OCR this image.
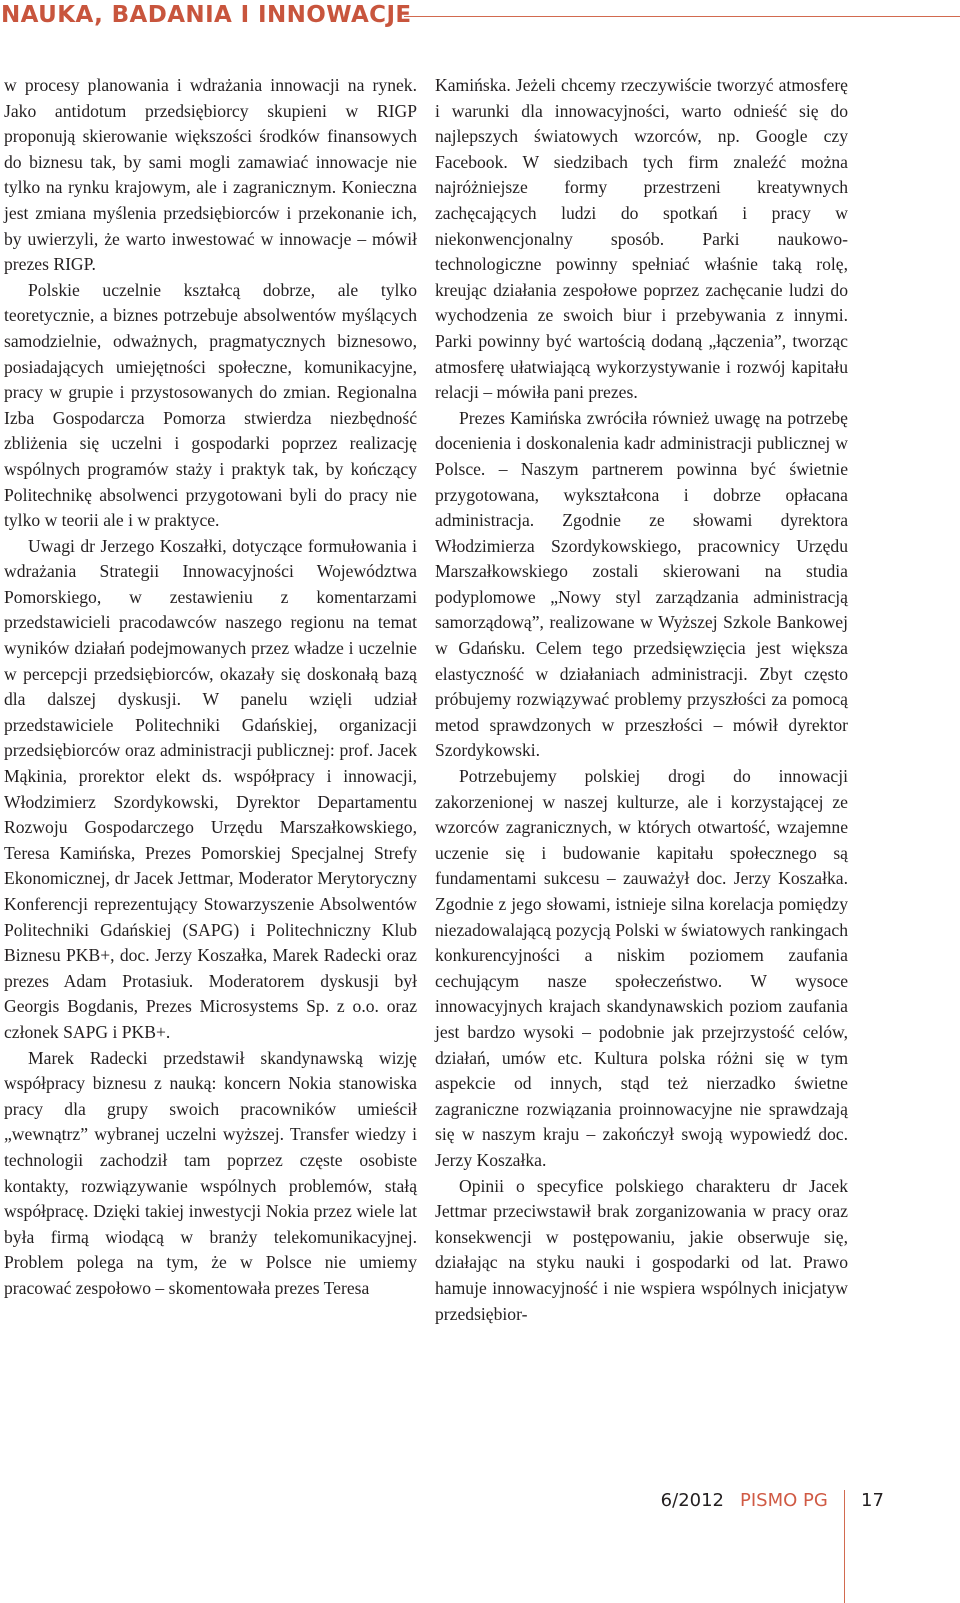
NAUKA, BADANIA I INNOWACJE

w procesy planowania i wdrażania innowacji na rynek. Jako antidotum przedsiębiorcy skupieni w RIGP proponują skierowanie większości środków finansowych do biznesu tak, by sami mogli zamawiać innowacje nie tylko na rynku krajowym, ale i zagranicznym. Konieczna jest zmiana myślenia przedsiębiorców i przekonanie ich, by uwierzyli, że warto inwestować w innowacje – mówił prezes RIGP.

Polskie uczelnie kształcą dobrze, ale tylko teoretycznie, a biznes potrzebuje absolwentów myślących samodzielnie, odważnych, pragmatycznych biznesowo, posiadających umiejętności społeczne, komunikacyjne, pracy w grupie i przystosowanych do zmian. Regionalna Izba Gospodarcza Pomorza stwierdza niezbędność zbliżenia się uczelni i gospodarki poprzez realizację wspólnych programów staży i praktyk tak, by kończący Politechnikę absolwenci przygotowani byli do pracy nie tylko w teorii ale i w praktyce.

Uwagi dr Jerzego Koszałki, dotyczące formułowania i wdrażania Strategii Innowacyjności Województwa Pomorskiego, w zestawieniu z komentarzami przedstawicieli pracodawców naszego regionu na temat wyników działań podejmowanych przez władze i uczelnie w percepcji przedsiębiorców, okazały się doskonałą bazą dla dalszej dyskusji. W panelu wzięli udział przedstawiciele Politechniki Gdańskiej, organizacji przedsiębiorców oraz administracji publicznej: prof. Jacek Mąkinia, prorektor elekt ds. współpracy i innowacji, Włodzimierz Szordykowski, Dyrektor Departamentu Rozwoju Gospodarczego Urzędu Marszałkowskiego, Teresa Kamińska, Prezes Pomorskiej Specjalnej Strefy Ekonomicznej, dr Jacek Jettmar, Moderator Merytoryczny Konferencji reprezentujący Stowarzyszenie Absolwentów Politechniki Gdańskiej (SAPG) i Politechniczny Klub Biznesu PKB+, doc. Jerzy Koszałka, Marek Radecki oraz prezes Adam Protasiuk. Moderatorem dyskusji był Georgis Bogdanis, Prezes Microsystems Sp. z o.o. oraz członek SAPG i PKB+.

Marek Radecki przedstawił skandynawską wizję współpracy biznesu z nauką: koncern Nokia stanowiska pracy dla grupy swoich pracowników umieścił „wewnątrz” wybranej uczelni wyższej. Transfer wiedzy i technologii zachodził tam poprzez częste osobiste kontakty, rozwiązywanie wspólnych problemów, stałą współpracę. Dzięki takiej inwestycji Nokia przez wiele lat była firmą wiodącą w branży telekomunikacyjnej. Problem polega na tym, że w Polsce nie umiemy pracować zespołowo – skomentowała prezes Teresa

Kamińska. Jeżeli chcemy rzeczywiście tworzyć atmosferę i warunki dla innowacyjności, warto odnieść się do najlepszych światowych wzorców, np. Google czy Facebook. W siedzibach tych firm znaleźć można najróżniejsze formy przestrzeni kreatywnych zachęcających ludzi do spotkań i pracy w niekonwencjonalny sposób. Parki naukowo-technologiczne powinny spełniać właśnie taką rolę, kreując działania zespołowe poprzez zachęcanie ludzi do wychodzenia ze swoich biur i przebywania z innymi. Parki powinny być wartością dodaną „łączenia”, tworząc atmosferę ułatwiającą wykorzystywanie i rozwój kapitału relacji – mówiła pani prezes.

Prezes Kamińska zwróciła również uwagę na potrzebę docenienia i doskonalenia kadr administracji publicznej w Polsce. – Naszym partnerem powinna być świetnie przygotowana, wykształcona i dobrze opłacana administracja. Zgodnie ze słowami dyrektora Włodzimierza Szordykowskiego, pracownicy Urzędu Marszałkowskiego zostali skierowani na studia podyplomowe „Nowy styl zarządzania administracją samorządową”, realizowane w Wyższej Szkole Bankowej w Gdańsku. Celem tego przedsięwzięcia jest większa elastyczność w działaniach administracji. Zbyt często próbujemy rozwiązywać problemy przyszłości za pomocą metod sprawdzonych w przeszłości – mówił dyrektor Szordykowski.

Potrzebujemy polskiej drogi do innowacji zakorzenionej w naszej kulturze, ale i korzystającej ze wzorców zagranicznych, w których otwartość, wzajemne uczenie się i budowanie kapitału społecznego są fundamentami sukcesu – zauważył doc. Jerzy Koszałka. Zgodnie z jego słowami, istnieje silna korelacja pomiędzy niezadowalającą pozycją Polski w światowych rankingach konkurencyjności a niskim poziomem zaufania cechującym nasze społeczeństwo. W wysoce innowacyjnych krajach skandynawskich poziom zaufania jest bardzo wysoki – podobnie jak przejrzystość celów, działań, umów etc. Kultura polska różni się w tym aspekcie od innych, stąd też nierzadko świetne zagraniczne rozwiązania proinnowacyjne nie sprawdzają się w naszym kraju – zakończył swoją wypowiedź doc. Jerzy Koszałka.

Opinii o specyfice polskiego charakteru dr Jacek Jettmar przeciwstawił brak zorganizowania w pracy oraz konsekwencji w postępowaniu, jakie obserwuje się, działając na styku nauki i gospodarki od lat. Prawo hamuje innowacyjność i nie wspiera wspólnych inicjatyw przedsiębior-

6/2012 PISMO PG 17
